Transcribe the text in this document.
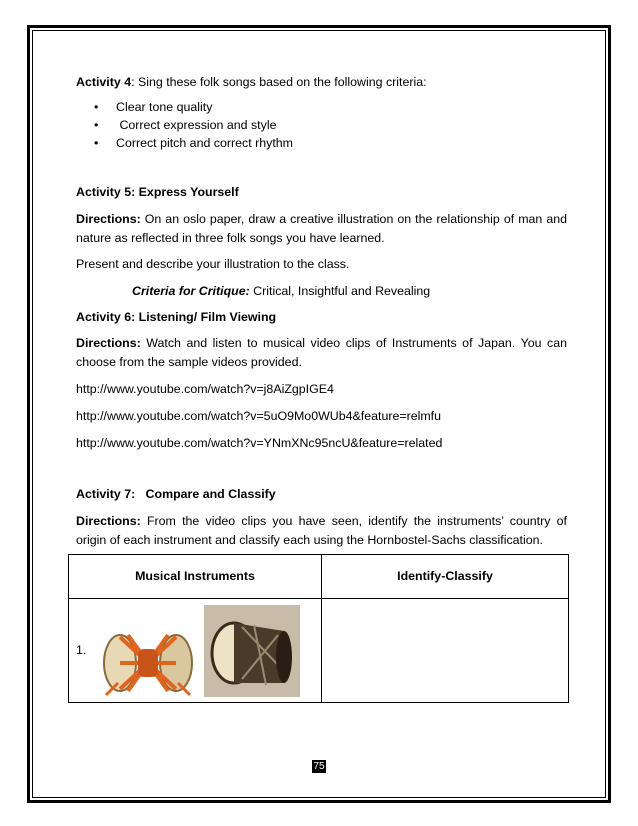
Activity 4: Sing these folk songs based on the following criteria:

• Clear tone quality
• Correct expression and style
• Correct pitch and correct rhythm

Activity 5: Express Yourself

Directions: On an oslo paper, draw a creative illustration on the relationship of man and nature as reflected in three folk songs you have learned.

Present and describe your illustration to the class.

Criteria for Critique: Critical, Insightful and Revealing

Activity 6: Listening/ Film Viewing

Directions: Watch and listen to musical video clips of Instruments of Japan. You can choose from the sample videos provided.

http://www.youtube.com/watch?v=j8AiZgpIGE4

http://www.youtube.com/watch?v=5uO9Mo0WUb4&feature=relmfu

http://www.youtube.com/watch?v=YNmXNc95ncU&feature=related

Activity 7:   Compare and Classify

Directions: From the video clips you have seen, identify the instruments’ country of origin of each instrument and classify each using the Hornbostel-Sachs classification.

Musical Instruments	Identify-Classify
1.

75
